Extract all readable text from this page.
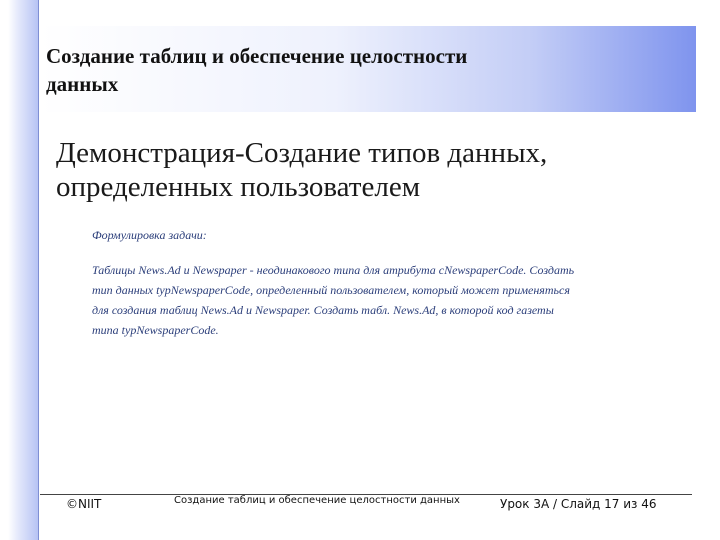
Создание таблиц и обеспечение целостности
данных
Демонстрация-Создание типов данных,
определенных пользователем
Формулировка задачи:
Таблицы News.Ad и Newspaper - неодинакового типа для атрибута cNewspaperCode. Создать
тип данных typNewspaperCode, определенный пользователем, который может применяться
для создания таблиц News.Ad и Newspaper. Создать табл. News.Ad, в которой код газеты
типа typNewspaperCode.
©NIIT	Создание таблиц и обеспечение целостности данных	Урок 3A / Слайд 17 из 46
